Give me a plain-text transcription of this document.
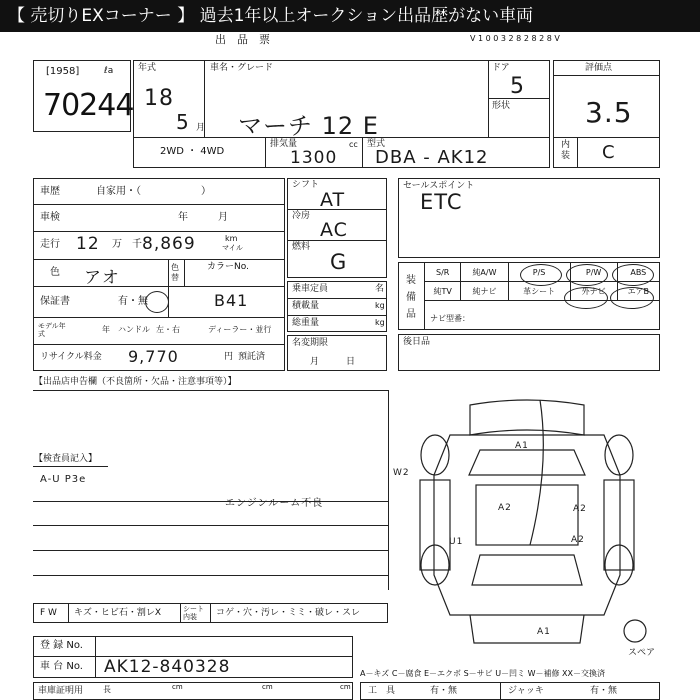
【 売切りEXコーナー 】 過去1年以上オークション出品歴がない車両
出　品　票	V 1 0 0 3 2 8 2 8 2 8 V
[1958]	ℓa
70244
年式
18
5 月
車名・グレード
マーチ 12 E
ドア
5
形状
2WD ・ 4WD
排気量	cc
1300
型式
DBA - AK12
評価点
3.5
内装 C
車歴	自家用・（　　　　　　）
車検	年　　　月
走行 12 万　千 8,869	km
マイル
色 アオ
色替
カラーNo.
B41
保証書	有・無
モデル年式	年 ハンドル 左・右	ディーラー・並行
リサイクル料金 9,770	円 預託済
シフト
AT
冷房
AC
燃料
G
乗車定員	名
積載量	kg
総重量	kg
名変期限
月　　　日
セールスポイント
ETC
装備品
S/R	純A/W	P/S	P/W	ABS
純TV	純ナビ	革シート	外ナビ	エアB
ナビ型番：
後日品
【出品店申告欄（不良箇所・欠品・注意事項等）】
【検査員記入】
A-U P3e
エンジンルーム不良
A1
A2	A2
U1	A2
A1
W2
スペア
F W キズ・ヒビ石・割レX	シート内装	コゲ・穴・汚レ・ミミ・破レ・スレ
登 録 No.
車 台 No. AK12-840328	A－キズ C－腐食 E－エクボ S－サビ U－凹ミ W－補修 XX－交換済
車庫証明用 長	cm	cm	cm 工　具	有・無	ジャッキ	有・無
